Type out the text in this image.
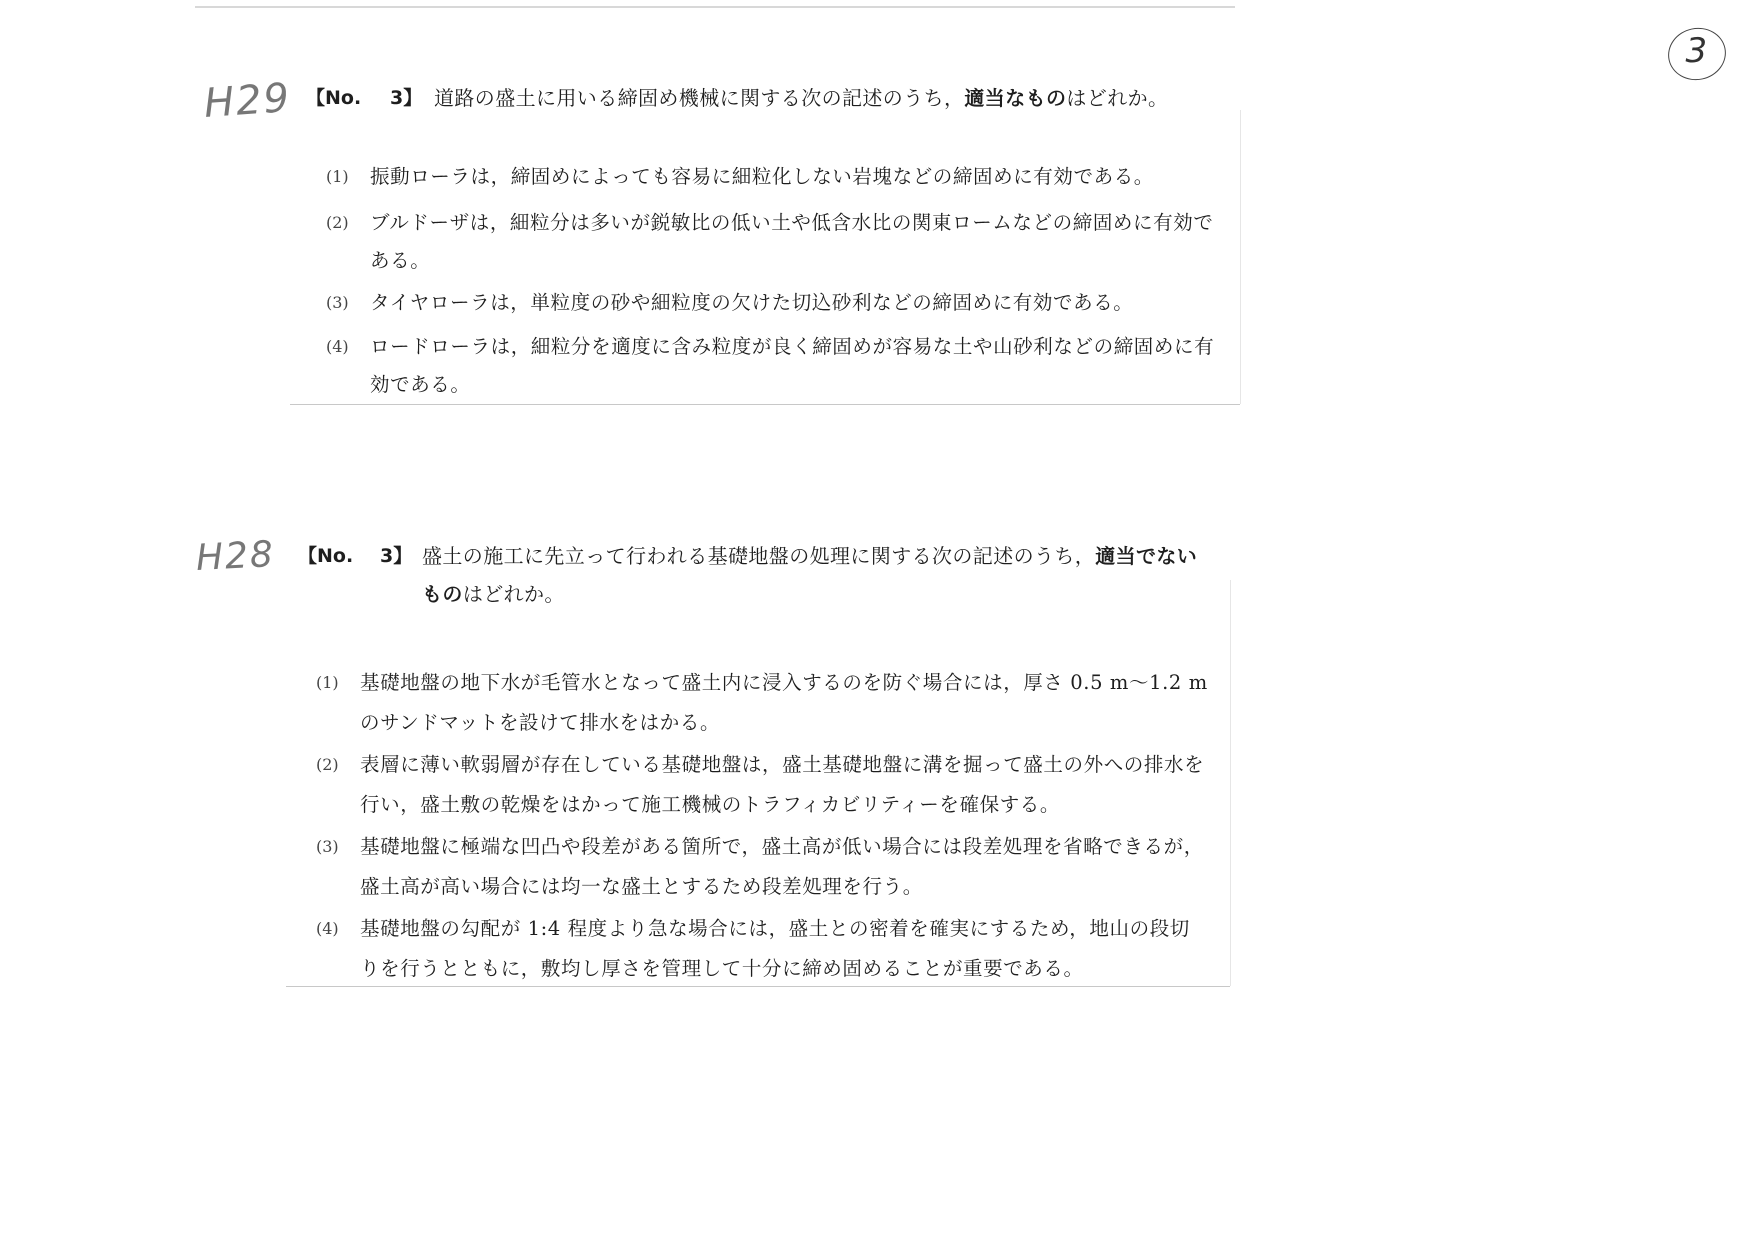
3
H29 【No. 3】 道路の盛土に用いる締固め機械に関する次の記述のうち，適当なものはどれか。
(1) 振動ローラは，締固めによっても容易に細粒化しない岩塊などの締固めに有効である。
(2) ブルドーザは，細粒分は多いが鋭敏比の低い土や低含水比の関東ロームなどの締固めに有効で
ある。
(3) タイヤローラは，単粒度の砂や細粒度の欠けた切込砂利などの締固めに有効である。
(4) ロードローラは，細粒分を適度に含み粒度が良く締固めが容易な土や山砂利などの締固めに有
効である。
H28 【No. 3】 盛土の施工に先立って行われる基礎地盤の処理に関する次の記述のうち，適当でない
ものはどれか。
(1) 基礎地盤の地下水が毛管水となって盛土内に浸入するのを防ぐ場合には，厚さ 0.5 m〜1.2 m
のサンドマットを設けて排水をはかる。
(2) 表層に薄い軟弱層が存在している基礎地盤は，盛土基礎地盤に溝を掘って盛土の外への排水を
行い，盛土敷の乾燥をはかって施工機械のトラフィカビリティーを確保する。
(3) 基礎地盤に極端な凹凸や段差がある箇所で，盛土高が低い場合には段差処理を省略できるが，
盛土高が高い場合には均一な盛土とするため段差処理を行う。
(4) 基礎地盤の勾配が 1:4 程度より急な場合には，盛土との密着を確実にするため，地山の段切
りを行うとともに，敷均し厚さを管理して十分に締め固めることが重要である。
